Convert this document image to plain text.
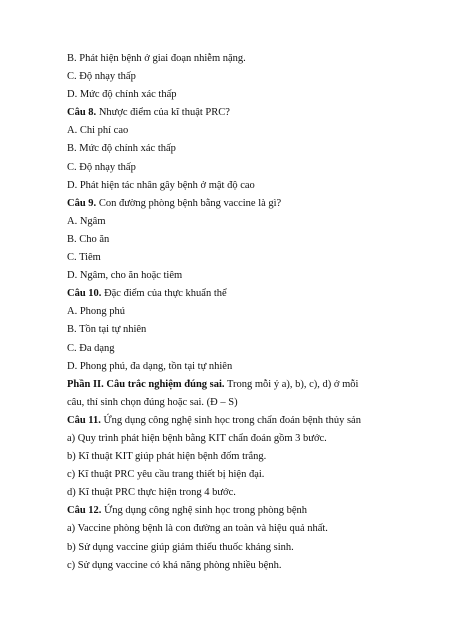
B. Phát hiện bệnh ở giai đoạn nhiễm nặng.
C. Độ nhạy thấp
D. Mức độ chính xác thấp
Câu 8. Nhược điểm của kĩ thuật PRC?
A. Chi phí cao
B. Mức độ chính xác thấp
C. Độ nhạy thấp
D. Phát hiện tác nhân gây bệnh ở mật độ cao
Câu 9. Con đường phòng bệnh bằng vaccine là gì?
A. Ngâm
B. Cho ăn
C. Tiêm
D. Ngâm, cho ăn hoặc tiêm
Câu 10. Đặc điểm của thực khuẩn thể
A. Phong phú
B. Tồn tại tự nhiên
C. Đa dạng
D. Phong phú, đa dạng, tồn tại tự nhiên
Phần II. Câu trắc nghiệm đúng sai. Trong mỗi ý a), b), c), d) ở mỗi
câu, thí sinh chọn đúng hoặc sai. (Đ – S)
Câu 11. Ứng dụng công nghệ sinh học trong chẩn đoán bệnh thủy sản
a) Quy trình phát hiện bệnh bằng KIT chẩn đoán gồm 3 bước.
b) Kĩ thuật KIT giúp phát hiện bệnh đốm trắng.
c) Kĩ thuật PRC yêu cầu trang thiết bị hiện đại.
d) Kĩ thuật PRC thực hiện trong 4 bước.
Câu 12. Ứng dụng công nghệ sinh học trong phòng bệnh
a) Vaccine phòng bệnh là con đường an toàn và hiệu quả nhất.
b) Sử dụng vaccine giúp giảm thiểu thuốc kháng sinh.
c) Sử dụng vaccine có khả năng phòng nhiều bệnh.
